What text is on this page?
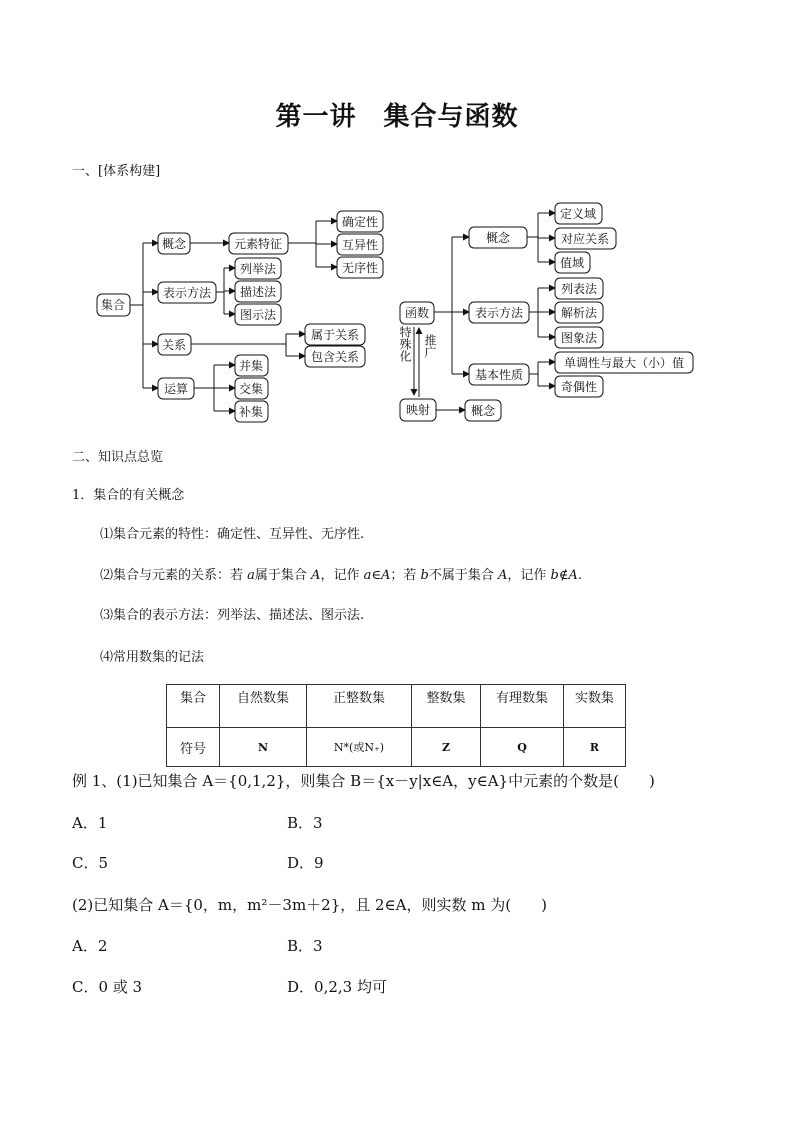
第一讲　集合与函数
一、[体系构建]
集合
概念	元素特征
确定性
互异性
无序性
表示方法
列举法
描述法
图示法
关系
属于关系
包含关系
运算
并集
交集
补集
函数
概念
定义域
对应关系
值域
表示方法
列表法
解析法
图象法
基本性质
单调性与最大（小）值
奇偶性
映射	概念
特殊化 推广
二、知识点总览
1．集合的有关概念
⑴集合元素的特性：确定性、互异性、无序性.
⑵集合与元素的关系：若 a属于集合 A，记作 a∈A；若 b不属于集合 A，记作 b∉A.
⑶集合的表示方法：列举法、描述法、图示法.
⑷常用数集的记法
集合	自然数集	正整数集	整数集	有理数集	实数集
符号	N	N*(或N₊)	Z	Q	R
例 1、(1)已知集合 A＝{0,1,2}，则集合 B＝{x－y|x∈A，y∈A}中元素的个数是(　　)
A．1	B．3
C．5	D．9
(2)已知集合 A＝{0，m，m²－3m＋2}，且 2∈A，则实数 m 为(　　)
A．2	B．3
C．0 或 3	D．0,2,3 均可
